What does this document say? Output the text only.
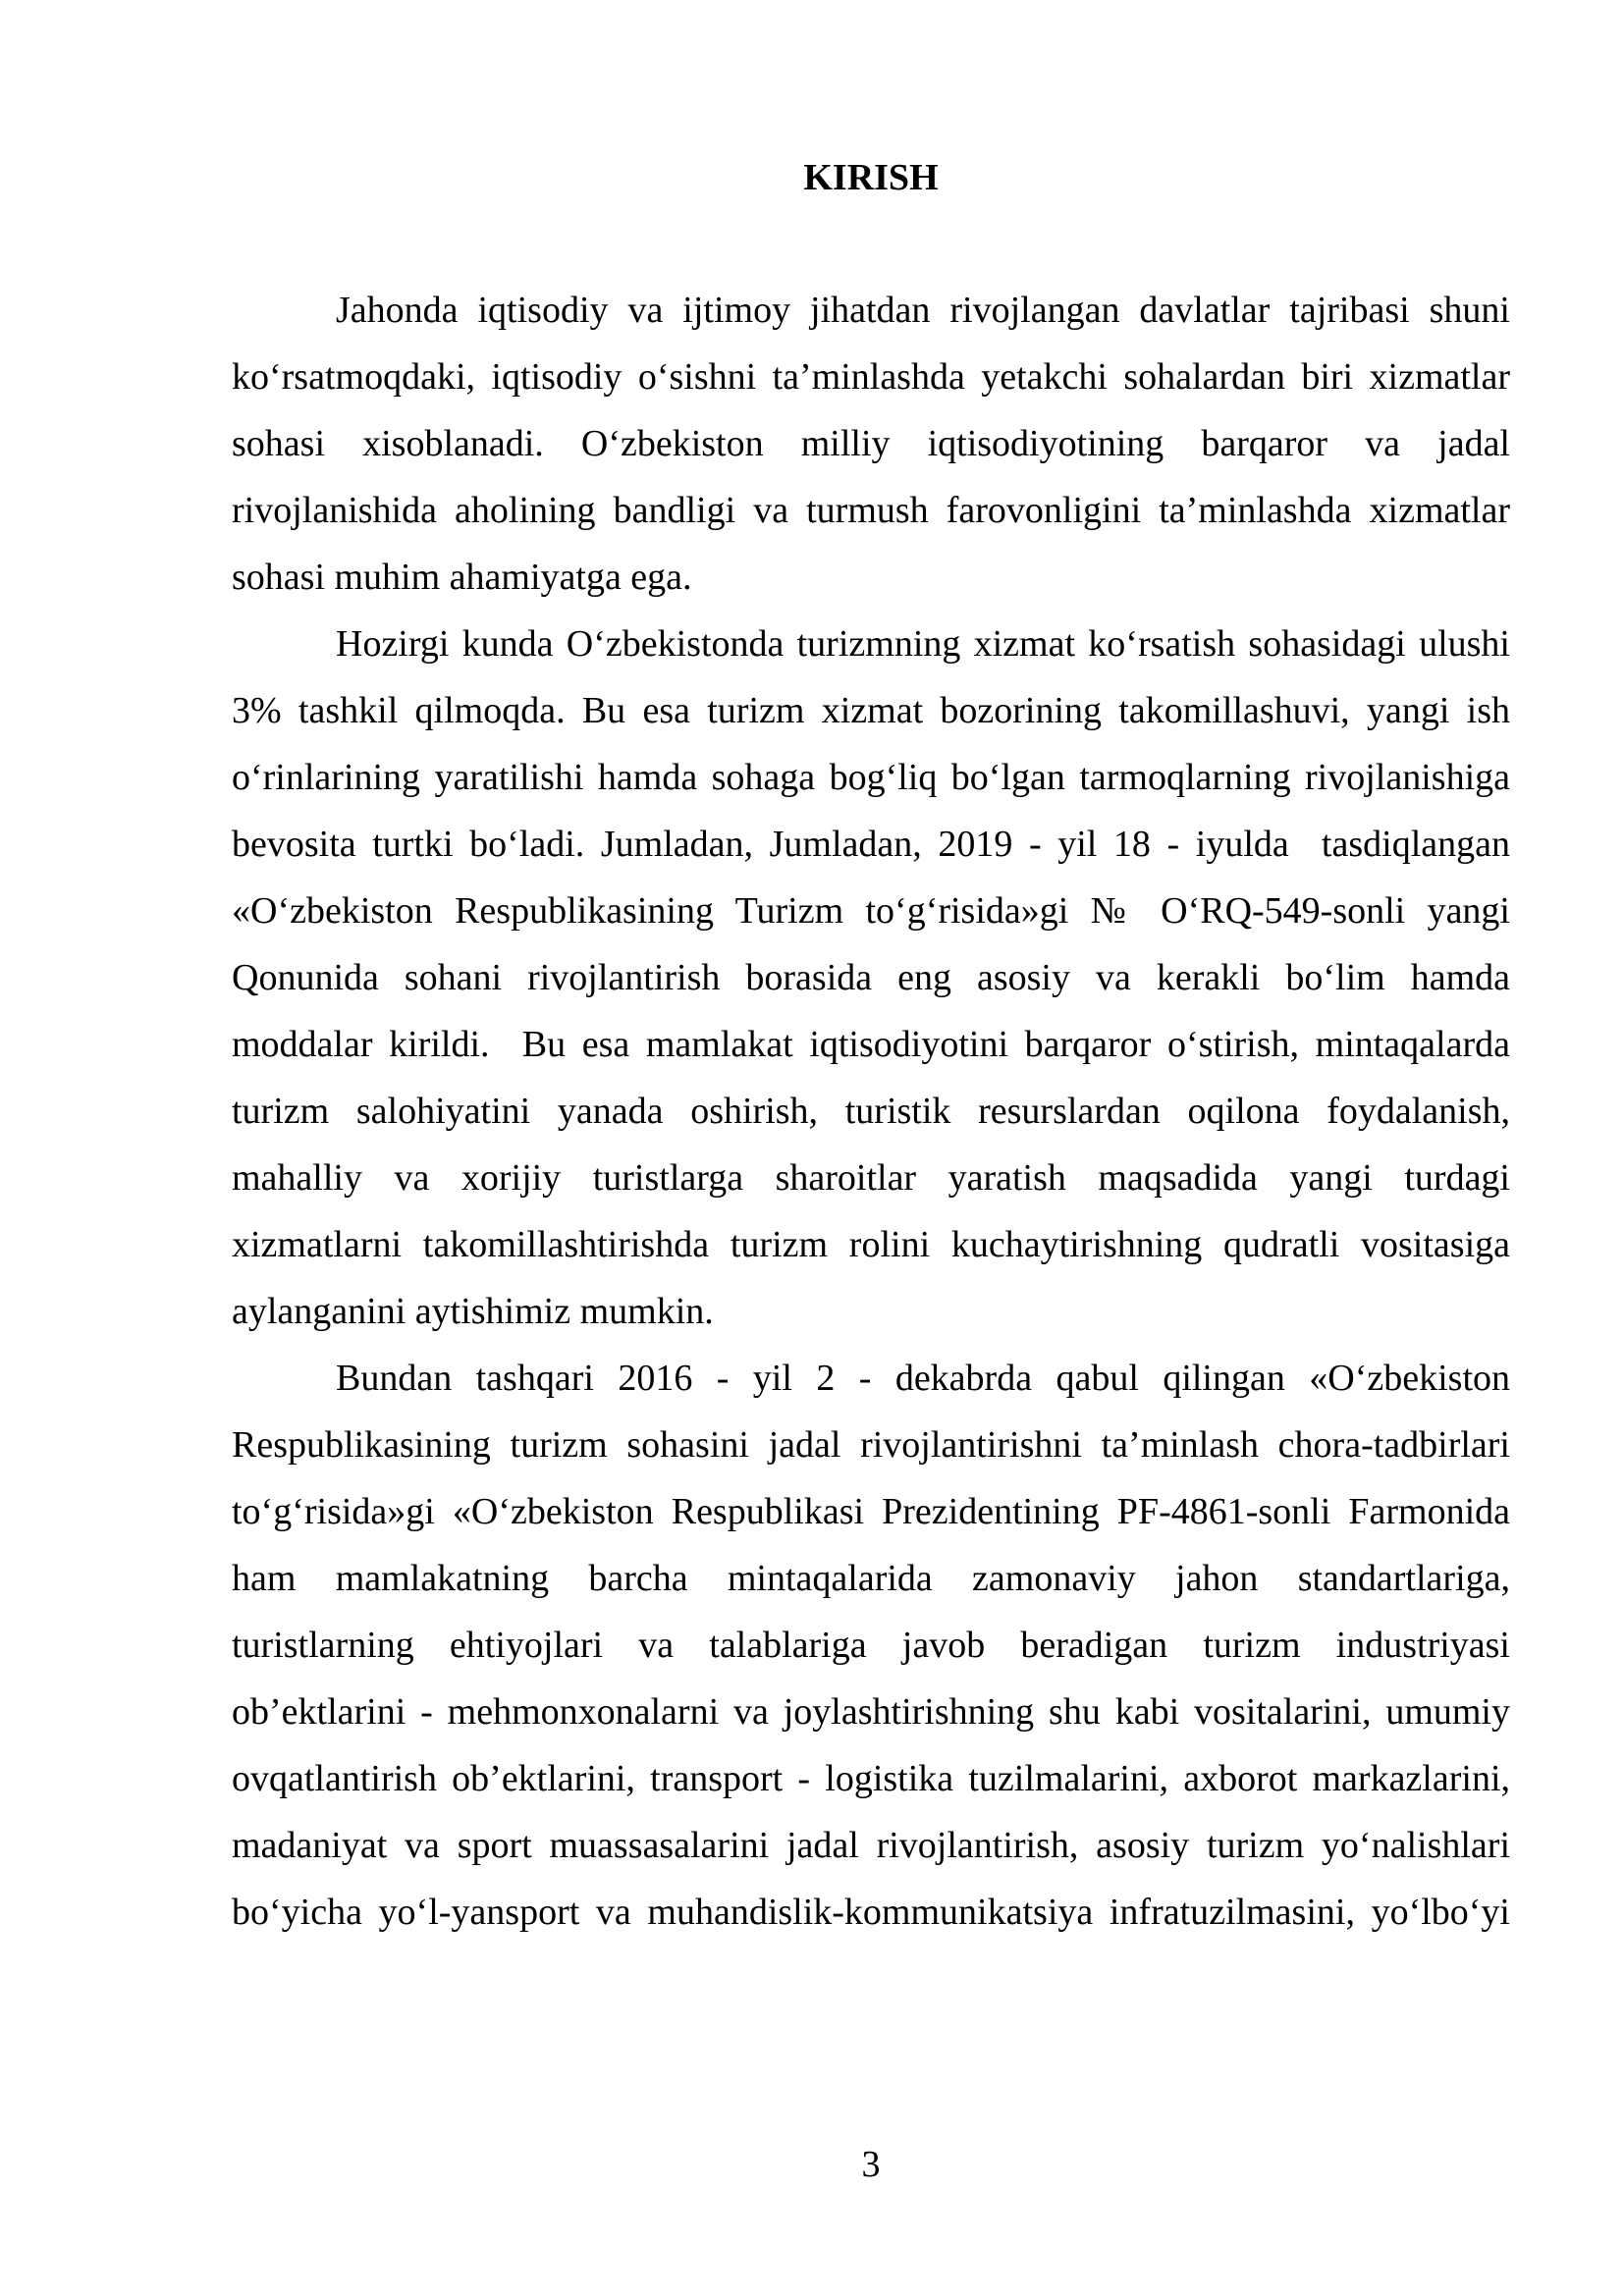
KIRISH
Jahonda iqtisodiy va ijtimoy jihatdan rivojlangan davlatlar tajribasi shuni
ko‘rsatmoqdaki, iqtisodiy o‘sishni ta’minlashda yetakchi sohalardan biri xizmatlar
sohasi xisoblanadi. O‘zbekiston milliy iqtisodiyotining barqaror va jadal
rivojlanishida aholining bandligi va turmush farovonligini ta’minlashda xizmatlar
sohasi muhim ahamiyatga ega.
Hozirgi kunda O‘zbekistonda turizmning xizmat ko‘rsatish sohasidagi ulushi
3% tashkil qilmoqda. Bu esa turizm xizmat bozorining takomillashuvi, yangi ish
o‘rinlarining yaratilishi hamda sohaga bog‘liq bo‘lgan tarmoqlarning rivojlanishiga
bevosita turtki bo‘ladi. Jumladan, Jumladan, 2019 - yil 18 - iyulda  tasdiqlangan
«O‘zbekiston Respublikasining Turizm to‘g‘risida»gi № O‘RQ-549-sonli yangi
Qonunida sohani rivojlantirish borasida eng asosiy va kerakli bo‘lim hamda
moddalar kirildi.  Bu esa mamlakat iqtisodiyotini barqaror o‘stirish, mintaqalarda
turizm salohiyatini yanada oshirish, turistik resurslardan oqilona foydalanish,
mahalliy va xorijiy turistlarga sharoitlar yaratish maqsadida yangi turdagi
xizmatlarni takomillashtirishda turizm rolini kuchaytirishning qudratli vositasiga
aylanganini aytishimiz mumkin.
Bundan tashqari 2016 - yil 2 - dekabrda qabul qilingan «O‘zbekiston
Respublikasining turizm sohasini jadal rivojlantirishni ta’minlash chora-tadbirlari
to‘g‘risida»gi «O‘zbekiston Respublikasi Prezidentining PF-4861-sonli Farmonida
ham mamlakatning barcha mintaqalarida zamonaviy jahon standartlariga,
turistlarning ehtiyojlari va talablariga javob beradigan turizm industriyasi
ob’ektlarini - mehmonxonalarni va joylashtirishning shu kabi vositalarini, umumiy
ovqatlantirish ob’ektlarini, transport - logistika tuzilmalarini, axborot markazlarini,
madaniyat va sport muassasalarini jadal rivojlantirish, asosiy turizm yo‘nalishlari
bo‘yicha yo‘l-yansport va muhandislik-kommunikatsiya infratuzilmasini, yo‘lbo‘yi
3
